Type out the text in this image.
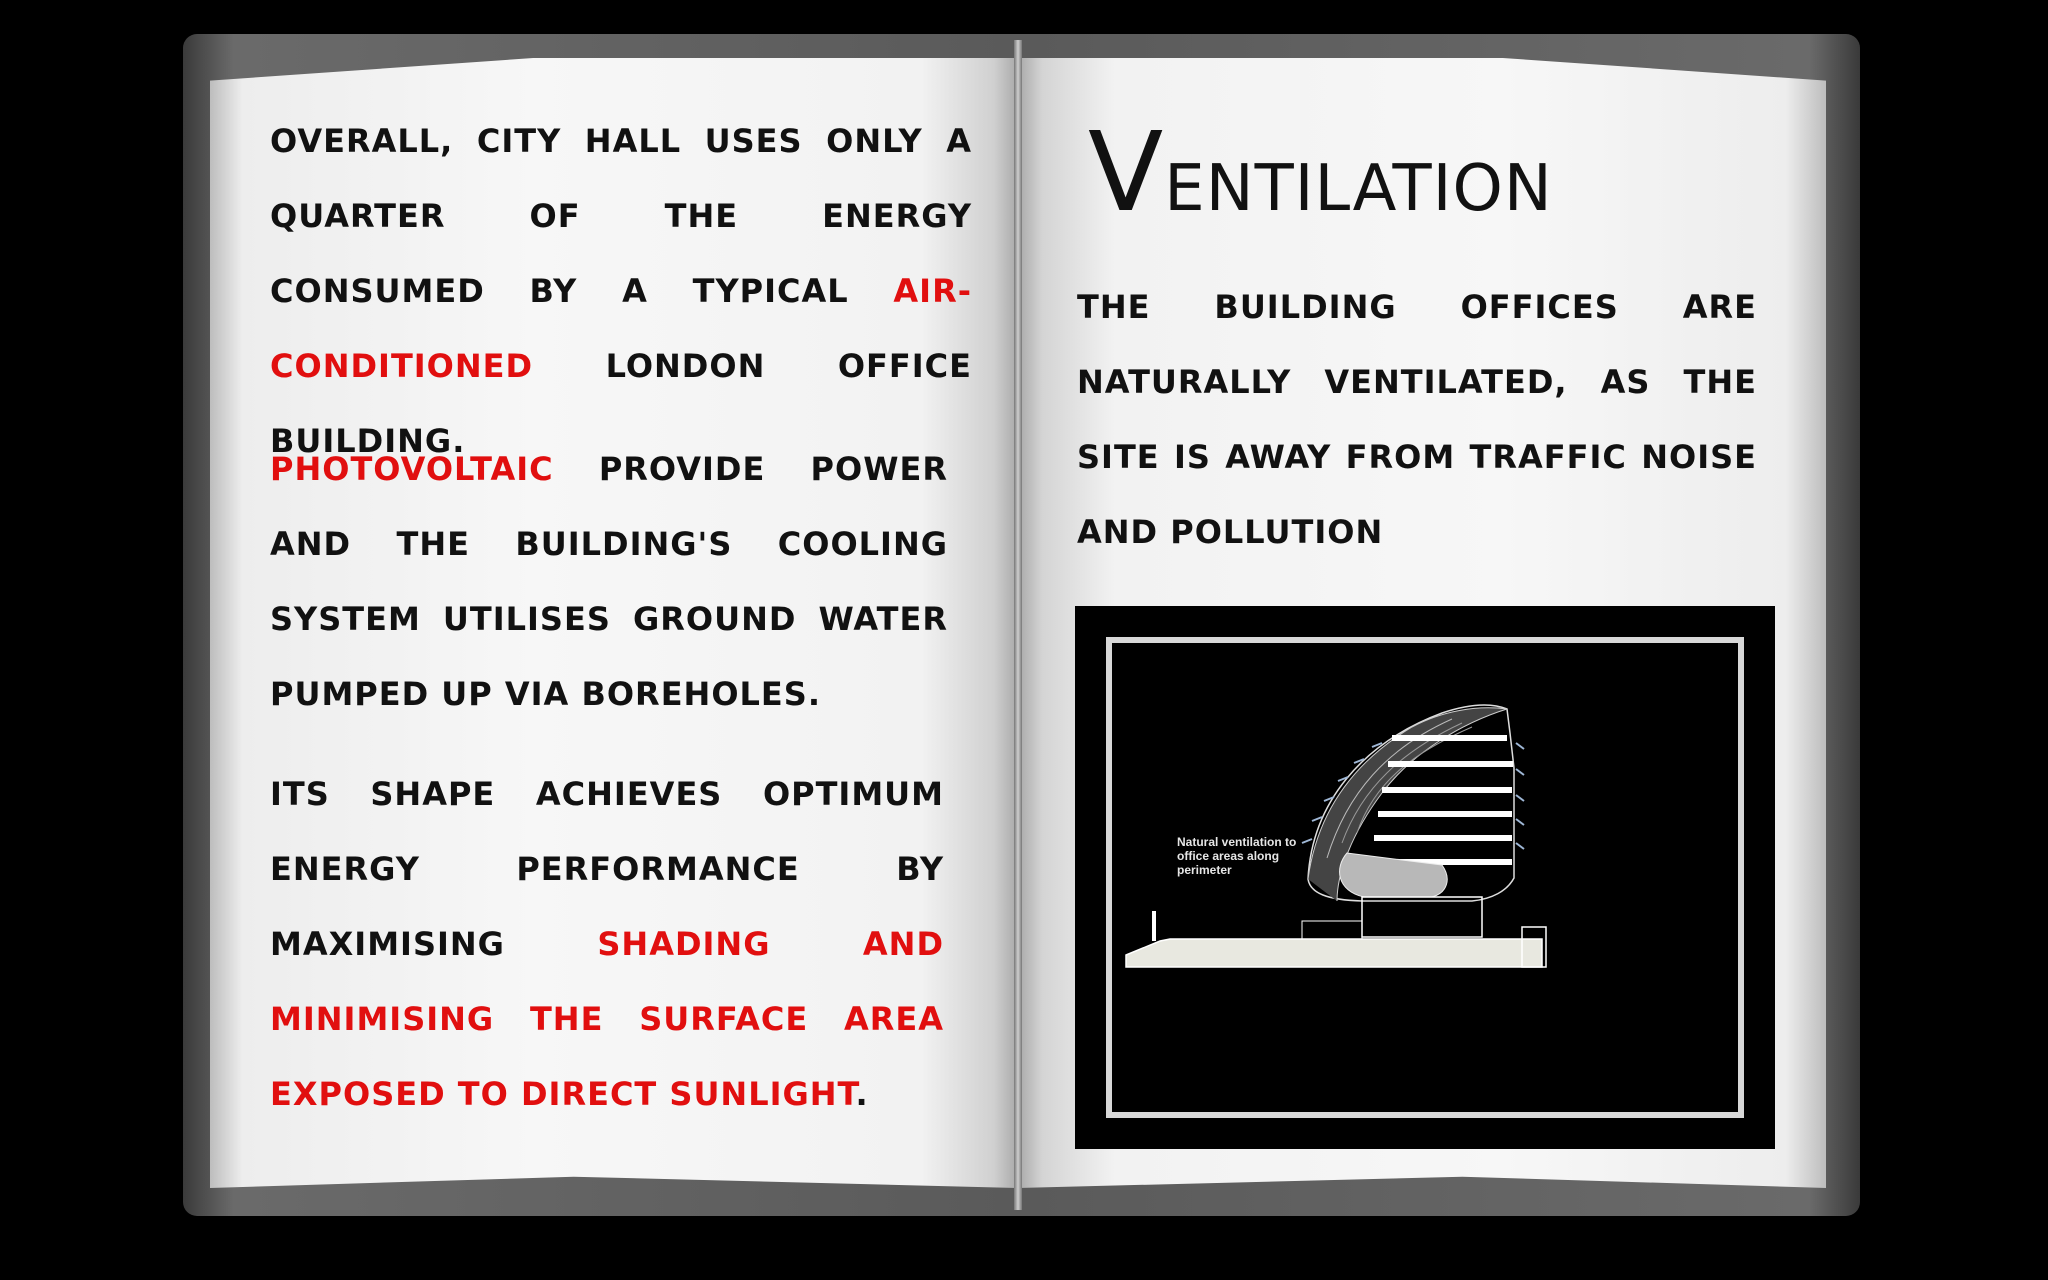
OVERALL, CITY HALL USES ONLY A QUARTER OF THE ENERGY CONSUMED BY A TYPICAL AIR-CONDITIONED LONDON OFFICE BUILDING.

PHOTOVOLTAIC PROVIDE POWER AND THE BUILDING'S COOLING SYSTEM UTILISES GROUND WATER PUMPED UP VIA BOREHOLES.

ITS SHAPE ACHIEVES OPTIMUM ENERGY PERFORMANCE BY MAXIMISING SHADING AND MINIMISING THE SURFACE AREA EXPOSED TO DIRECT SUNLIGHT.

VENTILATION

THE BUILDING OFFICES ARE NATURALLY VENTILATED, AS THE SITE IS AWAY FROM TRAFFIC NOISE AND POLLUTION

Natural ventilation to office areas along perimeter
